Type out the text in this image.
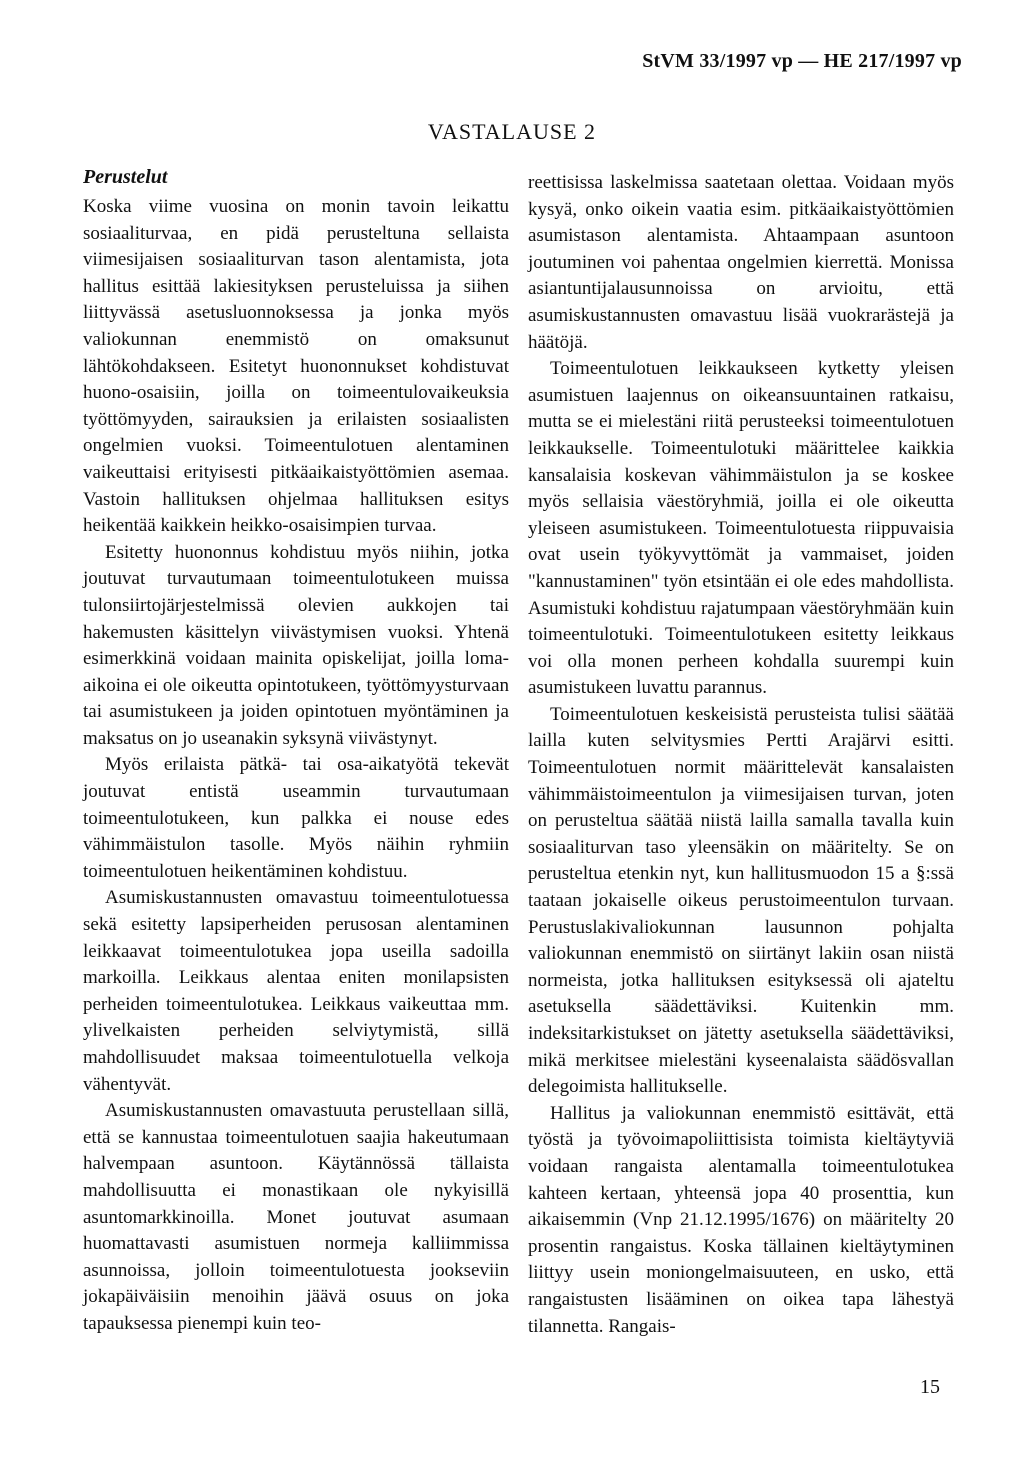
StVM 33/1997 vp — HE 217/1997 vp
VASTALAUSE 2
Perustelut

Koska viime vuosina on monin tavoin leikattu sosiaaliturvaa, en pidä perusteltuna sellaista viimesijaisen sosiaaliturvan tason alentamista, jota hallitus esittää lakiesityksen perusteluissa ja siihen liittyvässä asetusluonnoksessa ja jonka myös valiokunnan enemmistö on omaksunut lähtökohdakseen. Esitetyt huononnukset kohdistuvat huono-osaisiin, joilla on toimeentulovaikeuksia työttömyyden, sairauksien ja erilaisten sosiaalisten ongelmien vuoksi. Toimeentulotuen alentaminen vaikeuttaisi erityisesti pitkäaikaistyöttömien asemaa. Vastoin hallituksen ohjelmaa hallituksen esitys heikentää kaikkein heikko-osaisimpien turvaa.

Esitetty huononnus kohdistuu myös niihin, jotka joutuvat turvautumaan toimeentulotukeen muissa tulonsiirtojärjestelmissä olevien aukkojen tai hakemusten käsittelyn viivästymisen vuoksi. Yhtenä esimerkkinä voidaan mainita opiskelijat, joilla loma-aikoina ei ole oikeutta opintotukeen, työttömyysturvaan tai asumistukeen ja joiden opintotuen myöntäminen ja maksatus on jo useanakin syksynä viivästynyt.

Myös erilaista pätkä- tai osa-aikatyötä tekevät joutuvat entistä useammin turvautumaan toimeentulotukeen, kun palkka ei nouse edes vähimmäistulon tasolle. Myös näihin ryhmiin toimeentulotuen heikentäminen kohdistuu.

Asumiskustannusten omavastuu toimeentulotuessa sekä esitetty lapsiperheiden perusosan alentaminen leikkaavat toimeentulotukea jopa useilla sadoilla markoilla. Leikkaus alentaa eniten monilapsisten perheiden toimeentulotukea. Leikkaus vaikeuttaa mm. ylivelkaisten perheiden selviytymistä, sillä mahdollisuudet maksaa toimeentulotuella velkoja vähentyvät.

Asumiskustannusten omavastuuta perustellaan sillä, että se kannustaa toimeentulotuen saajia hakeutumaan halvempaan asuntoon. Käytännössä tällaista mahdollisuutta ei monastikaan ole nykyisillä asuntomarkkinoilla. Monet joutuvat asumaan huomattavasti asumistuen normeja kalliimmissa asunnoissa, jolloin toimeentulotuesta jookseviin jokapäiväisiin menoihin jäävä osuus on joka tapauksessa pienempi kuin teo-

reettisissa laskelmissa saatetaan olettaa. Voidaan myös kysyä, onko oikein vaatia esim. pitkäaikaistyöttömien asumistason alentamista. Ahtaampaan asuntoon joutuminen voi pahentaa ongelmien kierrettä. Monissa asiantuntijalausunnoissa on arvioitu, että asumiskustannusten omavastuu lisää vuokrarästejä ja häätöjä.

Toimeentulotuen leikkaukseen kytketty yleisen asumistuen laajennus on oikeansuuntainen ratkaisu, mutta se ei mielestäni riitä perusteeksi toimeentulotuen leikkaukselle. Toimeentulotuki määrittelee kaikkia kansalaisia koskevan vähimmäistulon ja se koskee myös sellaisia väestöryhmiä, joilla ei ole oikeutta yleiseen asumistukeen. Toimeentulotuesta riippuvaisia ovat usein työkyvyttömät ja vammaiset, joiden "kannustaminen" työn etsintään ei ole edes mahdollista. Asumistuki kohdistuu rajatumpaan väestöryhmään kuin toimeentulotuki. Toimeentulotukeen esitetty leikkaus voi olla monen perheen kohdalla suurempi kuin asumistukeen luvattu parannus.

Toimeentulotuen keskeisistä perusteista tulisi säätää lailla kuten selvitysmies Pertti Arajärvi esitti. Toimeentulotuen normit määrittelevät kansalaisten vähimmäistoimeentulon ja viimesijaisen turvan, joten on perusteltua säätää niistä lailla samalla tavalla kuin sosiaaliturvan taso yleensäkin on määritelty. Se on perusteltua etenkin nyt, kun hallitusmuodon 15 a §:ssä taataan jokaiselle oikeus perustoimeentulon turvaan. Perustuslakivaliokunnan lausunnon pohjalta valiokunnan enemmistö on siirtänyt lakiin osan niistä normeista, jotka hallituksen esityksessä oli ajateltu asetuksella säädettäviksi. Kuitenkin mm. indeksitarkistukset on jätetty asetuksella säädettäviksi, mikä merkitsee mielestäni kyseenalaista säädösvallan delegoimista hallitukselle.

Hallitus ja valiokunnan enemmistö esittävät, että työstä ja työvoimapoliittisista toimista kieltäytyviä voidaan rangaista alentamalla toimeentulotukea kahteen kertaan, yhteensä jopa 40 prosenttia, kun aikaisemmin (Vnp 21.12.1995/1676) on määritelty 20 prosentin rangaistus. Koska tällainen kieltäytyminen liittyy usein moniongelmaisuuteen, en usko, että rangaistusten lisääminen on oikea tapa lähestyä tilannetta. Rangais-

15
